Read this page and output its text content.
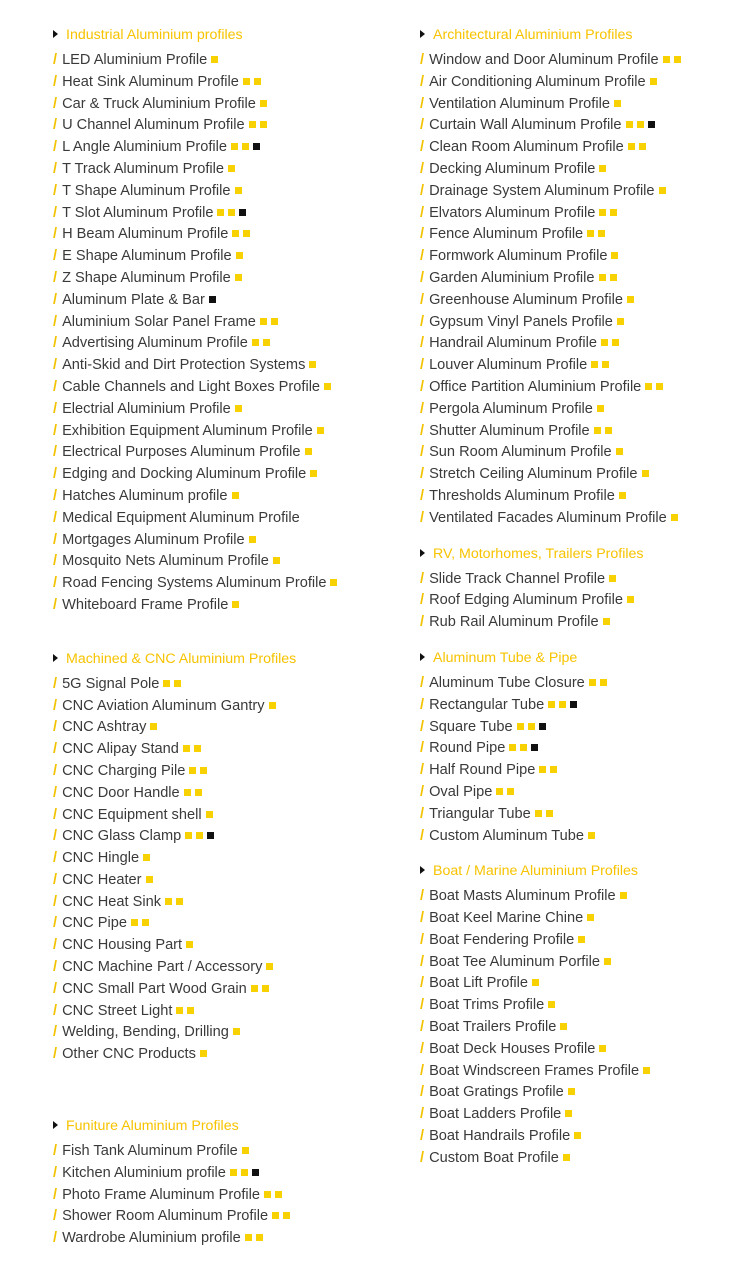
Industrial Aluminium profiles
/ LED Aluminium Profile
/ Heat Sink Aluminum Profile
/ Car & Truck Aluminium Profile
/ U Channel Aluminum Profile
/ L Angle Aluminium Profile
/ T Track Aluminum Profile
/ T Shape Aluminum Profile
/ T Slot Aluminum Profile
/ H Beam Aluminum Profile
/ E Shape Aluminum Profile
/ Z Shape Aluminum Profile
/ Aluminum Plate & Bar
/ Aluminium Solar Panel Frame
/ Advertising Aluminum Profile
/ Anti-Skid and Dirt Protection Systems
/ Cable Channels and Light Boxes Profile
/ Electrial Aluminium Profile
/ Exhibition Equipment Aluminum Profile
/ Electrical Purposes Aluminum Profile
/ Edging and Docking Aluminum Profile
/ Hatches Aluminum profile
/ Medical Equipment Aluminum Profile
/ Mortgages Aluminum Profile
/ Mosquito Nets Aluminum Profile
/ Road Fencing Systems Aluminum Profile
/ Whiteboard Frame Profile
Machined & CNC Aluminium Profiles
/ 5G Signal Pole
/ CNC Aviation Aluminum Gantry
/ CNC Ashtray
/ CNC Alipay Stand
/ CNC Charging Pile
/ CNC Door Handle
/ CNC Equipment shell
/ CNC Glass Clamp
/ CNC Hingle
/ CNC Heater
/ CNC Heat Sink
/ CNC Pipe
/ CNC Housing Part
/ CNC Machine Part / Accessory
/ CNC Small Part Wood Grain
/ CNC Street Light
/ Welding, Bending, Drilling
/ Other CNC Products
Funiture Aluminium Profiles
/ Fish Tank Aluminum Profile
/ Kitchen Aluminium profile
/ Photo Frame Aluminum Profile
/ Shower Room Aluminum Profile
/ Wardrobe Aluminium profile
Architectural Aluminium Profiles
/ Window and Door Aluminum Profile
/ Air Conditioning Aluminum Profile
/ Ventilation Aluminum Profile
/ Curtain Wall Aluminum Profile
/ Clean Room Aluminum Profile
/ Decking Aluminum Profile
/ Drainage System Aluminum Profile
/ Elvators Aluminum Profile
/ Fence Aluminum Profile
/ Formwork Aluminum Profile
/ Garden Aluminium Profile
/ Greenhouse Aluminum Profile
/ Gypsum Vinyl Panels Profile
/ Handrail Aluminum Profile
/ Louver Aluminum Profile
/ Office Partition Aluminium Profile
/ Pergola Aluminum Profile
/ Shutter Aluminum Profile
/ Sun Room Aluminum Profile
/ Stretch Ceiling Aluminum Profile
/ Thresholds Aluminum Profile
/ Ventilated Facades Aluminum Profile
RV, Motorhomes, Trailers Profiles
/ Slide Track Channel Profile
/ Roof Edging Aluminum Profile
/ Rub Rail Aluminum Profile
Aluminum Tube & Pipe
/ Aluminum Tube Closure
/ Rectangular Tube
/ Square Tube
/ Round Pipe
/ Half Round Pipe
/ Oval Pipe
/ Triangular Tube
/ Custom Aluminum Tube
Boat / Marine Aluminium Profiles
/ Boat Masts Aluminum Profile
/ Boat Keel Marine Chine
/ Boat Fendering Profile
/ Boat Tee Aluminum Porfile
/ Boat Lift Profile
/ Boat Trims Profile
/ Boat Trailers Profile
/ Boat Deck Houses Profile
/ Boat Windscreen Frames Profile
/ Boat Gratings Profile
/ Boat Ladders Profile
/ Boat Handrails Profile
/ Custom Boat Profile
